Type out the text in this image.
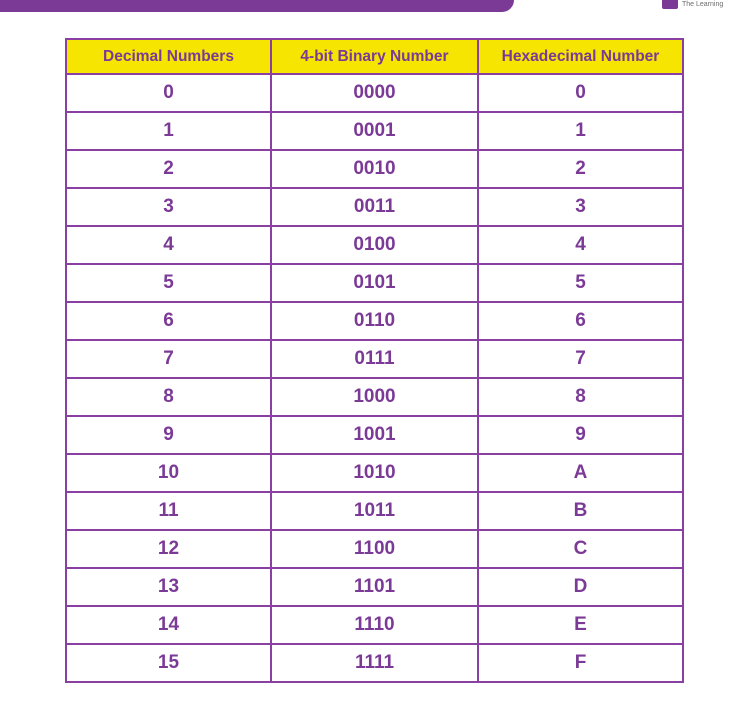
The Learning
Decimal Numbers	4-bit Binary Number	Hexadecimal Number
0	0000	0
1	0001	1
2	0010	2
3	0011	3
4	0100	4
5	0101	5
6	0110	6
7	0111	7
8	1000	8
9	1001	9
10	1010	A
11	1011	B
12	1100	C
13	1101	D
14	1110	E
15	1111	F
